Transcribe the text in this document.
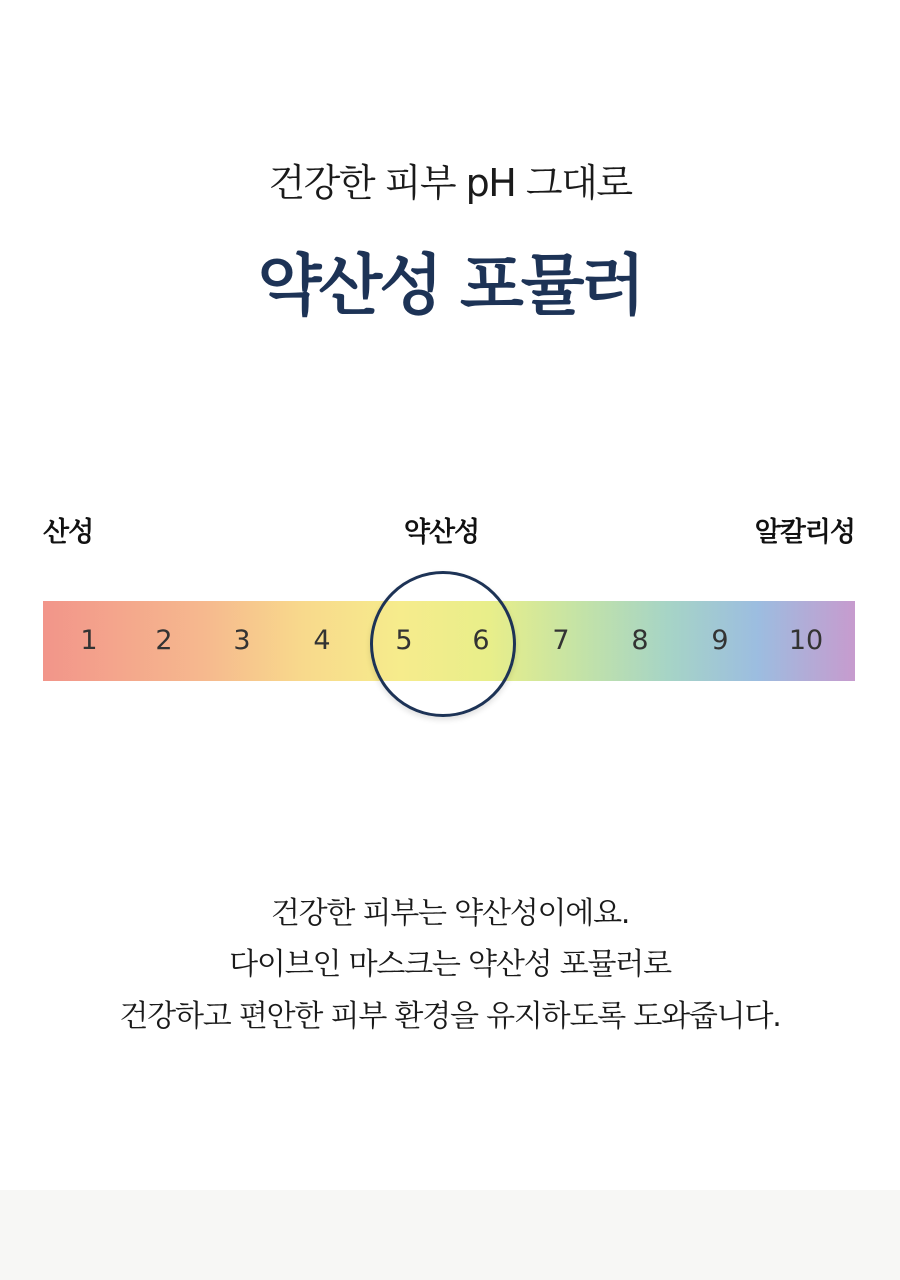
건강한 피부 pH 그대로
약산성 포뮬러
산성	약산성	알칼리성
1	2	3	4	5	6	7	8	9	10
건강한 피부는 약산성이에요.
다이브인 마스크는 약산성 포뮬러로
건강하고 편안한 피부 환경을 유지하도록 도와줍니다.
